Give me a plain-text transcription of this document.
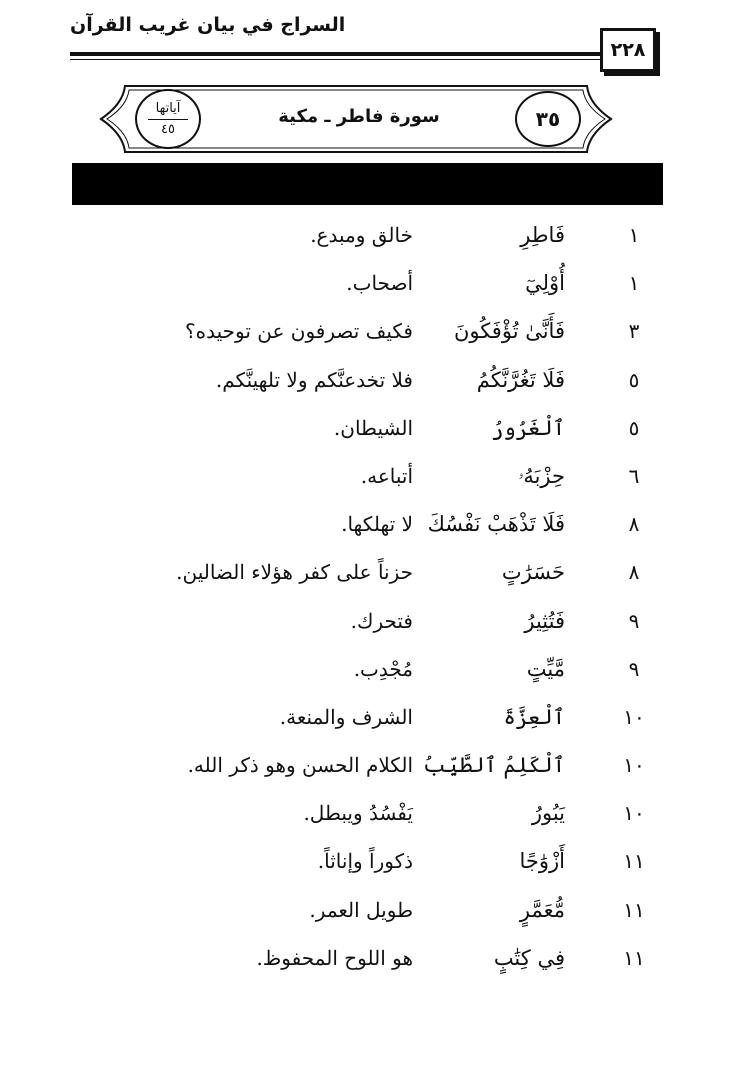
السراج في بيان غريب القرآن
٢٢٨
سورة فاطر ـ مكية	٣٥
آياتها
٤٥
١
فَاطِرِ
خالق ومبدع.
١
أُوْلِيٓ
أصحاب.
٣
فَأَنَّىٰ تُؤْفَكُونَ
فكيف تصرفون عن توحيده؟
٥
فَلَا تَغُرَّنَّكُمُ
فلا تخدعنَّكم ولا تلهينَّكم.
٥
ٱلْغَرُورُ
الشيطان.
٦
حِزْبَهُۥ
أتباعه.
٨
فَلَا تَذْهَبْ نَفْسُكَ
لا تهلكها.
٨
حَسَرَٰتٍ
حزناً على كفر هؤلاء الضالين.
٩
فَتُثِيرُ
فتحرك.
٩
مَّيِّتٍ
مُجْدِب.
١٠
ٱلْعِزَّةَ
الشرف والمنعة.
١٠
ٱلْكَلِمُ ٱلطَّيِّبُ
الكلام الحسن وهو ذكر الله.
١٠
يَبُورُ
يَفْسُدُ ويبطل.
١١
أَزْوَٰجًا
ذكوراً وإناثاً.
١١
مُّعَمَّرٍ
طويل العمر.
١١
فِي كِتَٰبٍ
هو اللوح المحفوظ.
